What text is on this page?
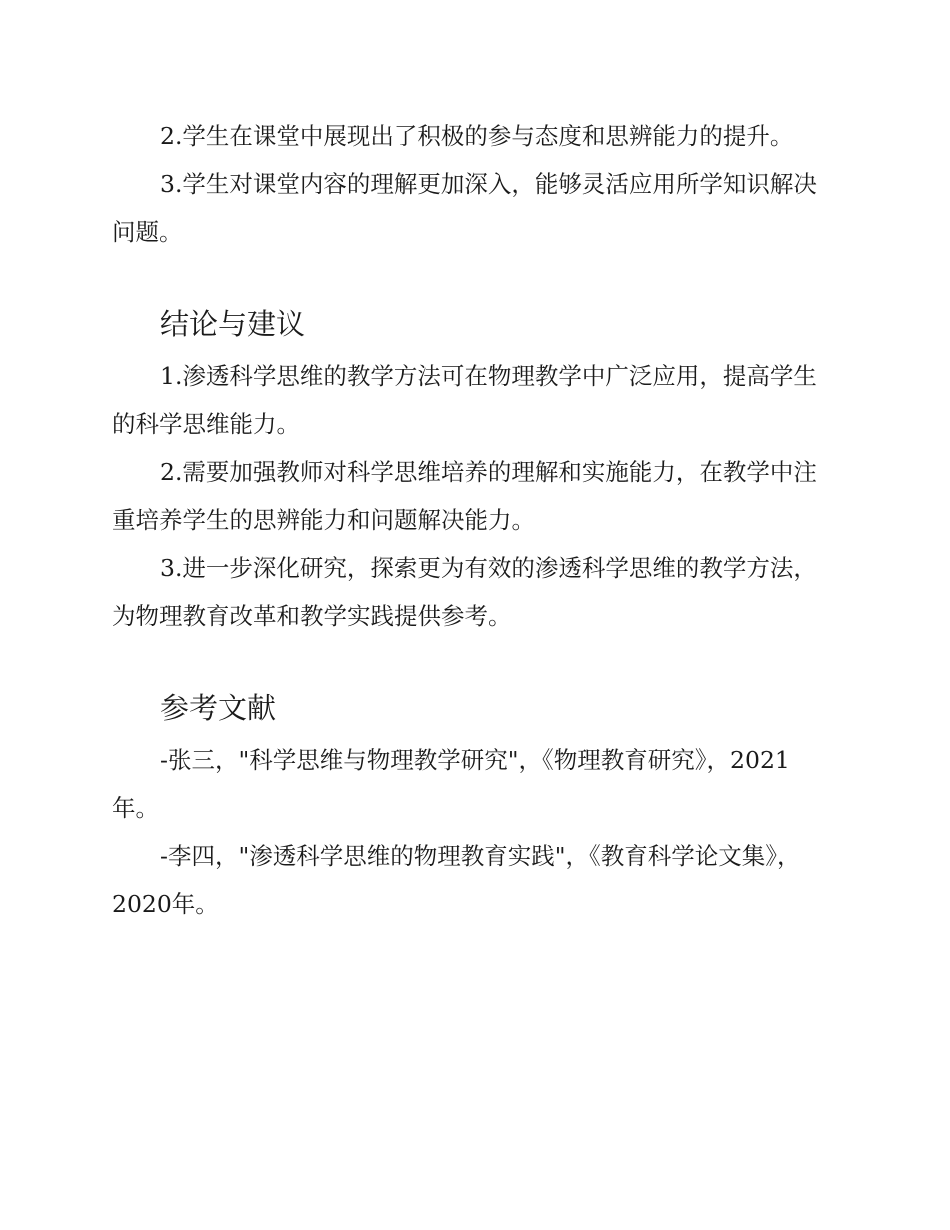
2.学生在课堂中展现出了积极的参与态度和思辨能力的提升。

3.学生对课堂内容的理解更加深入，能够灵活应用所学知识解决问题。

结论与建议

1.渗透科学思维的教学方法可在物理教学中广泛应用，提高学生的科学思维能力。

2.需要加强教师对科学思维培养的理解和实施能力，在教学中注重培养学生的思辨能力和问题解决能力。

3.进一步深化研究，探索更为有效的渗透科学思维的教学方法，为物理教育改革和教学实践提供参考。

参考文献

-张三，"科学思维与物理教学研究"，《物理教育研究》，2021年。

-李四，"渗透科学思维的物理教育实践"，《教育科学论文集》，2020年。
